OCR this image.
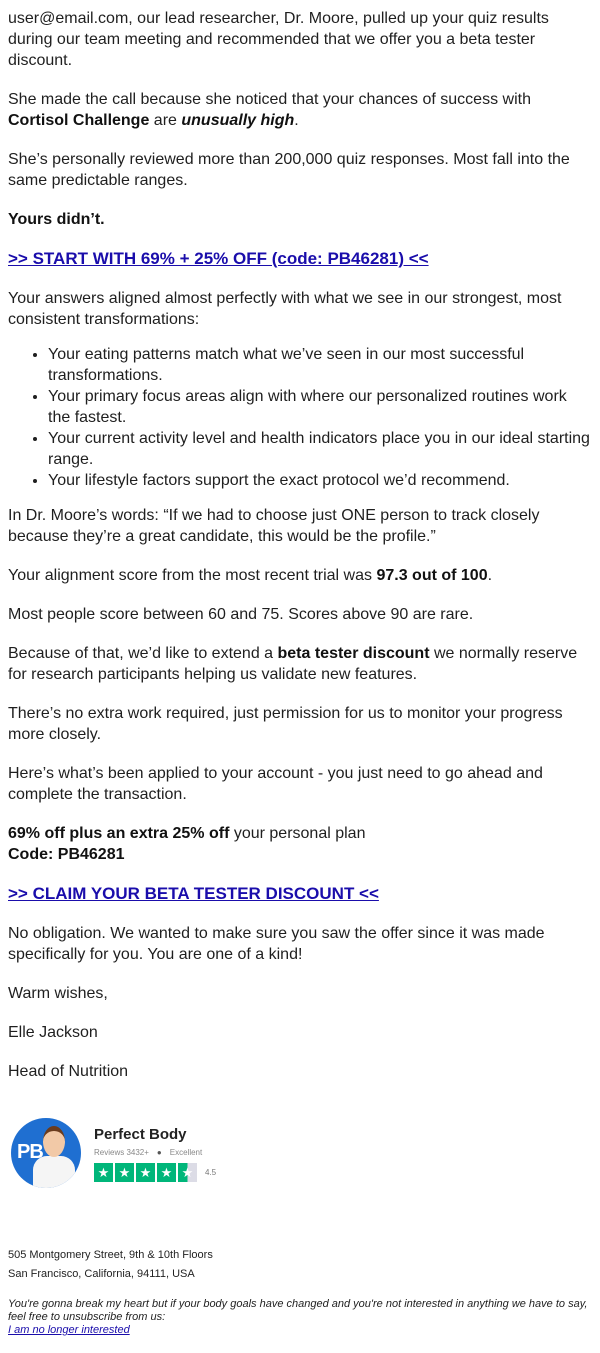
user@email.com, our lead researcher, Dr. Moore, pulled up your quiz results during our team meeting and recommended that we offer you a beta tester discount.

She made the call because she noticed that your chances of success with Cortisol Challenge are unusually high.

She’s personally reviewed more than 200,000 quiz responses. Most fall into the same predictable ranges.

Yours didn’t.

>> START WITH 69% + 25% OFF (code: PB46281) <<

Your answers aligned almost perfectly with what we see in our strongest, most consistent transformations:

• Your eating patterns match what we’ve seen in our most successful transformations.
• Your primary focus areas align with where our personalized routines work the fastest.
• Your current activity level and health indicators place you in our ideal starting range.
• Your lifestyle factors support the exact protocol we’d recommend.

In Dr. Moore’s words: “If we had to choose just ONE person to track closely because they’re a great candidate, this would be the profile.”

Your alignment score from the most recent trial was 97.3 out of 100.

Most people score between 60 and 75. Scores above 90 are rare.

Because of that, we’d like to extend a beta tester discount we normally reserve for research participants helping us validate new features.

There’s no extra work required, just permission for us to monitor your progress more closely.

Here’s what’s been applied to your account - you just need to go ahead and complete the transaction.

69% off plus an extra 25% off your personal plan
Code: PB46281

>> CLAIM YOUR BETA TESTER DISCOUNT <<

No obligation. We wanted to make sure you saw the offer since it was made specifically for you. You are one of a kind!

Warm wishes,

Elle Jackson

Head of Nutrition

PB
Perfect Body
Reviews 3432+ ● Excellent
★ ★ ★ ★ ★	4.5
505 Montgomery Street, 9th & 10th Floors
San Francisco, California, 94111, USA
You're gonna break my heart but if your body goals have changed and you're not interested in anything we have to say, feel free to unsubscribe from us:
I am no longer interested
